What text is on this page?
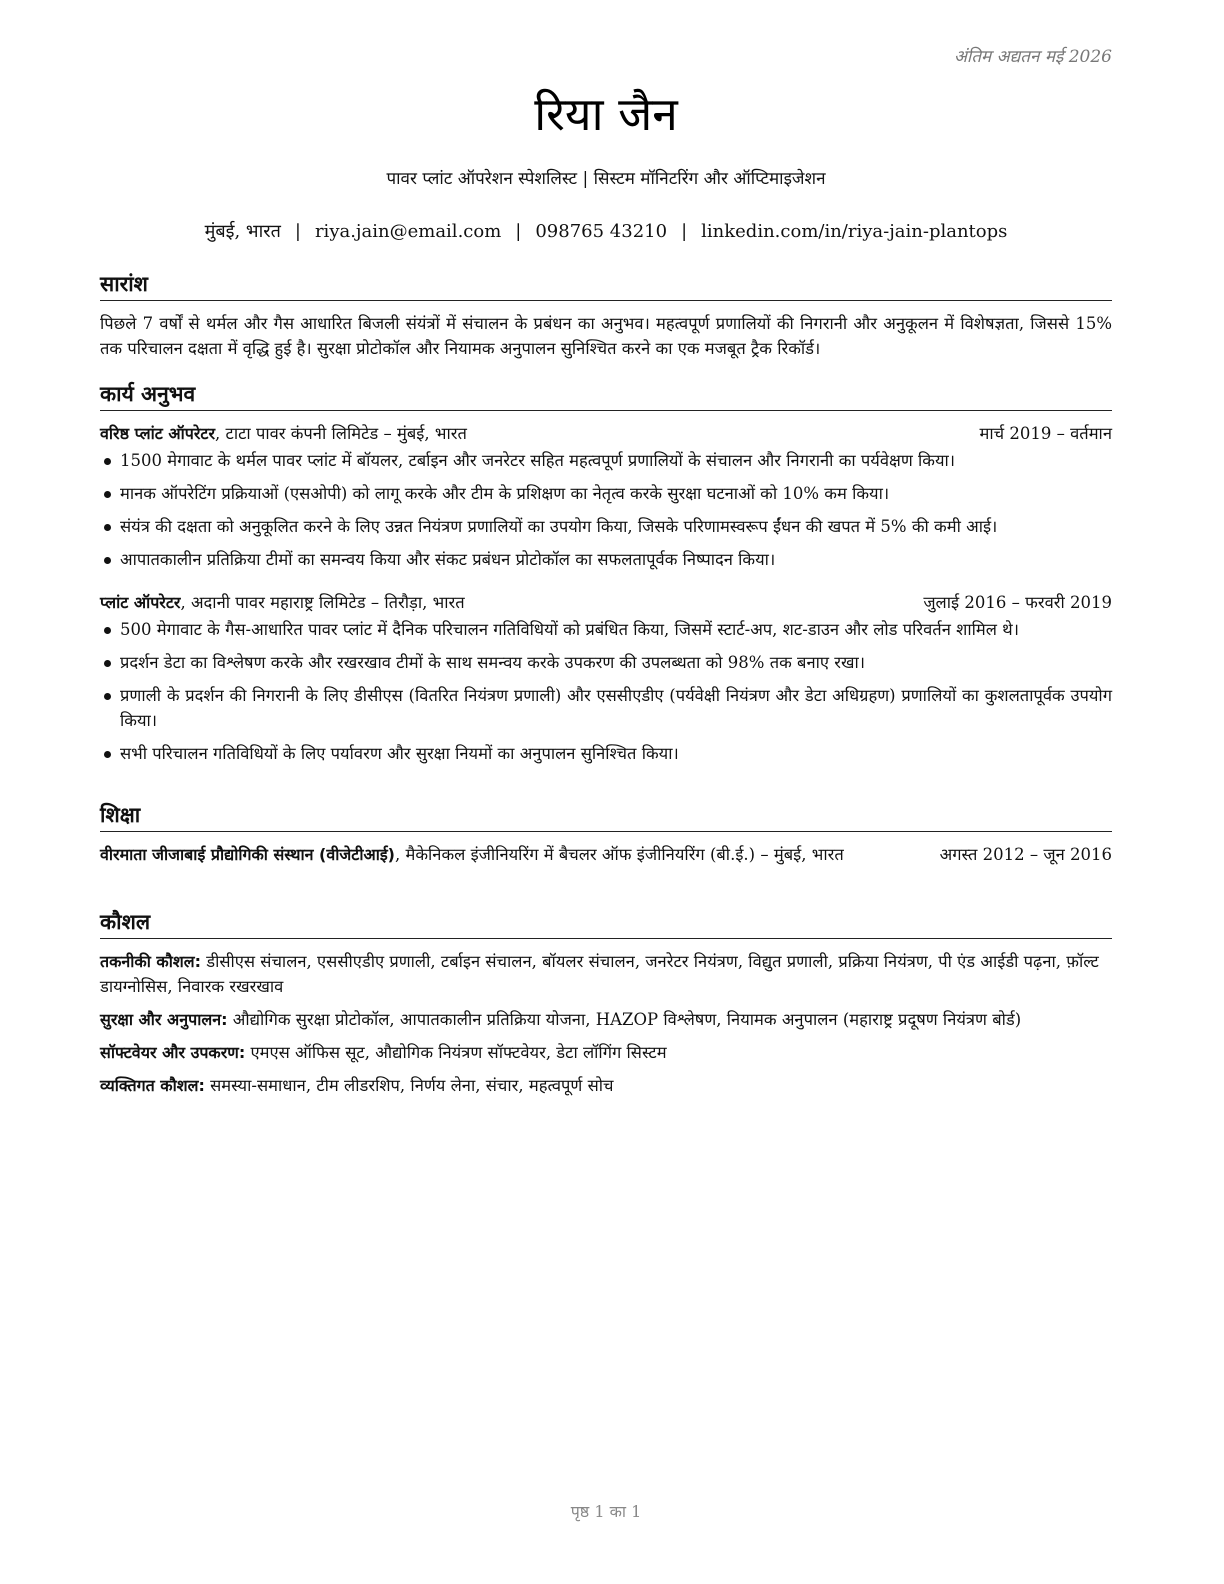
अंतिम अद्यतन मई 2026
रिया जैन
पावर प्लांट ऑपरेशन स्पेशलिस्ट | सिस्टम मॉनिटरिंग और ऑप्टिमाइजेशन
मुंबई, भारत | riya.jain@email.com | 098765 43210 | linkedin.com/in/riya-jain-plantops
सारांश

पिछले 7 वर्षों से थर्मल और गैस आधारित बिजली संयंत्रों में संचालन के प्रबंधन का अनुभव। महत्वपूर्ण प्रणालियों की निगरानी और अनुकूलन में विशेषज्ञता, जिससे 15% तक परिचालन दक्षता में वृद्धि हुई है। सुरक्षा प्रोटोकॉल और नियामक अनुपालन सुनिश्चित करने का एक मजबूत ट्रैक रिकॉर्ड।

कार्य अनुभव
वरिष्ठ प्लांट ऑपरेटर, टाटा पावर कंपनी लिमिटेड – मुंबई, भारत	मार्च 2019 – वर्तमान
1500 मेगावाट के थर्मल पावर प्लांट में बॉयलर, टर्बाइन और जनरेटर सहित महत्वपूर्ण प्रणालियों के संचालन और निगरानी का पर्यवेक्षण किया।
मानक ऑपरेटिंग प्रक्रियाओं (एसओपी) को लागू करके और टीम के प्रशिक्षण का नेतृत्व करके सुरक्षा घटनाओं को 10% कम किया।
संयंत्र की दक्षता को अनुकूलित करने के लिए उन्नत नियंत्रण प्रणालियों का उपयोग किया, जिसके परिणामस्वरूप ईंधन की खपत में 5% की कमी आई।
आपातकालीन प्रतिक्रिया टीमों का समन्वय किया और संकट प्रबंधन प्रोटोकॉल का सफलतापूर्वक निष्पादन किया।
प्लांट ऑपरेटर, अदानी पावर महाराष्ट्र लिमिटेड – तिरौड़ा, भारत	जुलाई 2016 – फरवरी 2019
500 मेगावाट के गैस-आधारित पावर प्लांट में दैनिक परिचालन गतिविधियों को प्रबंधित किया, जिसमें स्टार्ट-अप, शट-डाउन और लोड परिवर्तन शामिल थे।
प्रदर्शन डेटा का विश्लेषण करके और रखरखाव टीमों के साथ समन्वय करके उपकरण की उपलब्धता को 98% तक बनाए रखा।
प्रणाली के प्रदर्शन की निगरानी के लिए डीसीएस (वितरित नियंत्रण प्रणाली) और एससीएडीए (पर्यवेक्षी नियंत्रण और डेटा अधिग्रहण) प्रणालियों का कुशलतापूर्वक उपयोग किया।
सभी परिचालन गतिविधियों के लिए पर्यावरण और सुरक्षा नियमों का अनुपालन सुनिश्चित किया।
शिक्षा
वीरमाता जीजाबाई प्रौद्योगिकी संस्थान (वीजेटीआई), मैकेनिकल इंजीनियरिंग में बैचलर ऑफ इंजीनियरिंग (बी.ई.) – मुंबई, भारत	अगस्त 2012 – जून 2016
कौशल
तकनीकी कौशल: डीसीएस संचालन, एससीएडीए प्रणाली, टर्बाइन संचालन, बॉयलर संचालन, जनरेटर नियंत्रण, विद्युत प्रणाली, प्रक्रिया नियंत्रण, पी एंड आईडी पढ़ना, फ़ॉल्ट डायग्नोसिस, निवारक रखरखाव
सुरक्षा और अनुपालन: औद्योगिक सुरक्षा प्रोटोकॉल, आपातकालीन प्रतिक्रिया योजना, HAZOP विश्लेषण, नियामक अनुपालन (महाराष्ट्र प्रदूषण नियंत्रण बोर्ड)
सॉफ्टवेयर और उपकरण: एमएस ऑफिस सूट, औद्योगिक नियंत्रण सॉफ्टवेयर, डेटा लॉगिंग सिस्टम
व्यक्तिगत कौशल: समस्या-समाधान, टीम लीडरशिप, निर्णय लेना, संचार, महत्वपूर्ण सोच
पृष्ठ 1 का 1
